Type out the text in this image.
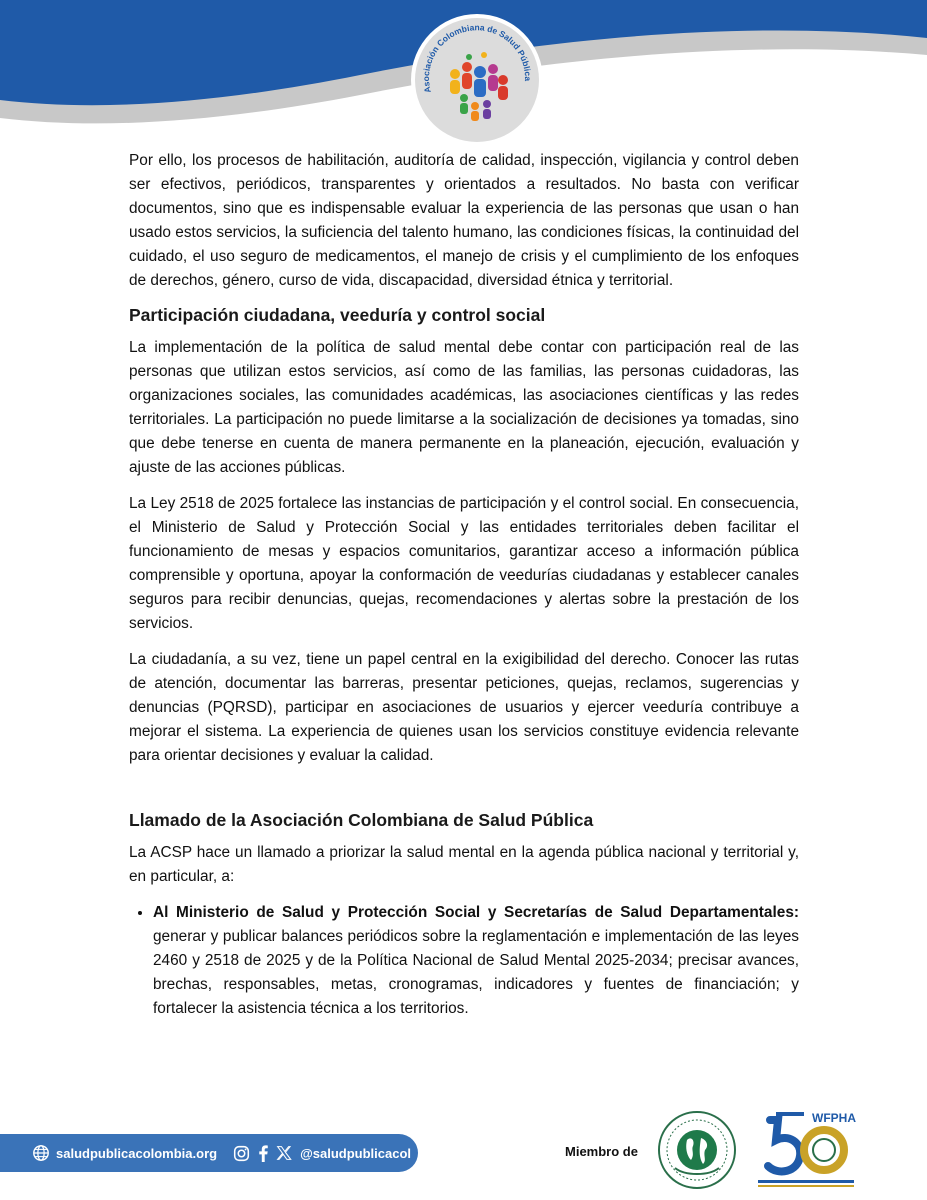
Asociación Colombiana de Salud Pública

Por ello, los procesos de habilitación, auditoría de calidad, inspección, vigilancia y control deben ser efectivos, periódicos, transparentes y orientados a resultados. No basta con verificar documentos, sino que es indispensable evaluar la experiencia de las personas que usan o han usado estos servicios, la suficiencia del talento humano, las condiciones físicas, la continuidad del cuidado, el uso seguro de medicamentos, el manejo de crisis y el cumplimiento de los enfoques de derechos, género, curso de vida, discapacidad, diversidad étnica y territorial.

Participación ciudadana, veeduría y control social

La implementación de la política de salud mental debe contar con participación real de las personas que utilizan estos servicios, así como de las familias, las personas cuidadoras, las organizaciones sociales, las comunidades académicas, las asociaciones científicas y las redes territoriales. La participación no puede limitarse a la socialización de decisiones ya tomadas, sino que debe tenerse en cuenta de manera permanente en la planeación, ejecución, evaluación y ajuste de las acciones públicas.

La Ley 2518 de 2025 fortalece las instancias de participación y el control social. En consecuencia, el Ministerio de Salud y Protección Social y las entidades territoriales deben facilitar el funcionamiento de mesas y espacios comunitarios, garantizar acceso a información pública comprensible y oportuna, apoyar la conformación de veedurías ciudadanas y establecer canales seguros para recibir denuncias, quejas, recomendaciones y alertas sobre la prestación de los servicios.

La ciudadanía, a su vez, tiene un papel central en la exigibilidad del derecho. Conocer las rutas de atención, documentar las barreras, presentar peticiones, quejas, reclamos, sugerencias y denuncias (PQRSD), participar en asociaciones de usuarios y ejercer veeduría contribuye a mejorar el sistema. La experiencia de quienes usan los servicios constituye evidencia relevante para orientar decisiones y evaluar la calidad.

Llamado de la Asociación Colombiana de Salud Pública

La ACSP hace un llamado a priorizar la salud mental en la agenda pública nacional y territorial y, en particular, a:

• Al Ministerio de Salud y Protección Social y Secretarías de Salud Departamentales: generar y publicar balances periódicos sobre la reglamentación e implementación de las leyes 2460 y 2518 de 2025 y de la Política Nacional de Salud Mental 2025-2034; precisar avances, brechas, responsables, metas, cronogramas, indicadores y fuentes de financiación; y fortalecer la asistencia técnica a los territorios.
saludpublicacolombia.org	@saludpublicacol	Miembro de
WFPHA
